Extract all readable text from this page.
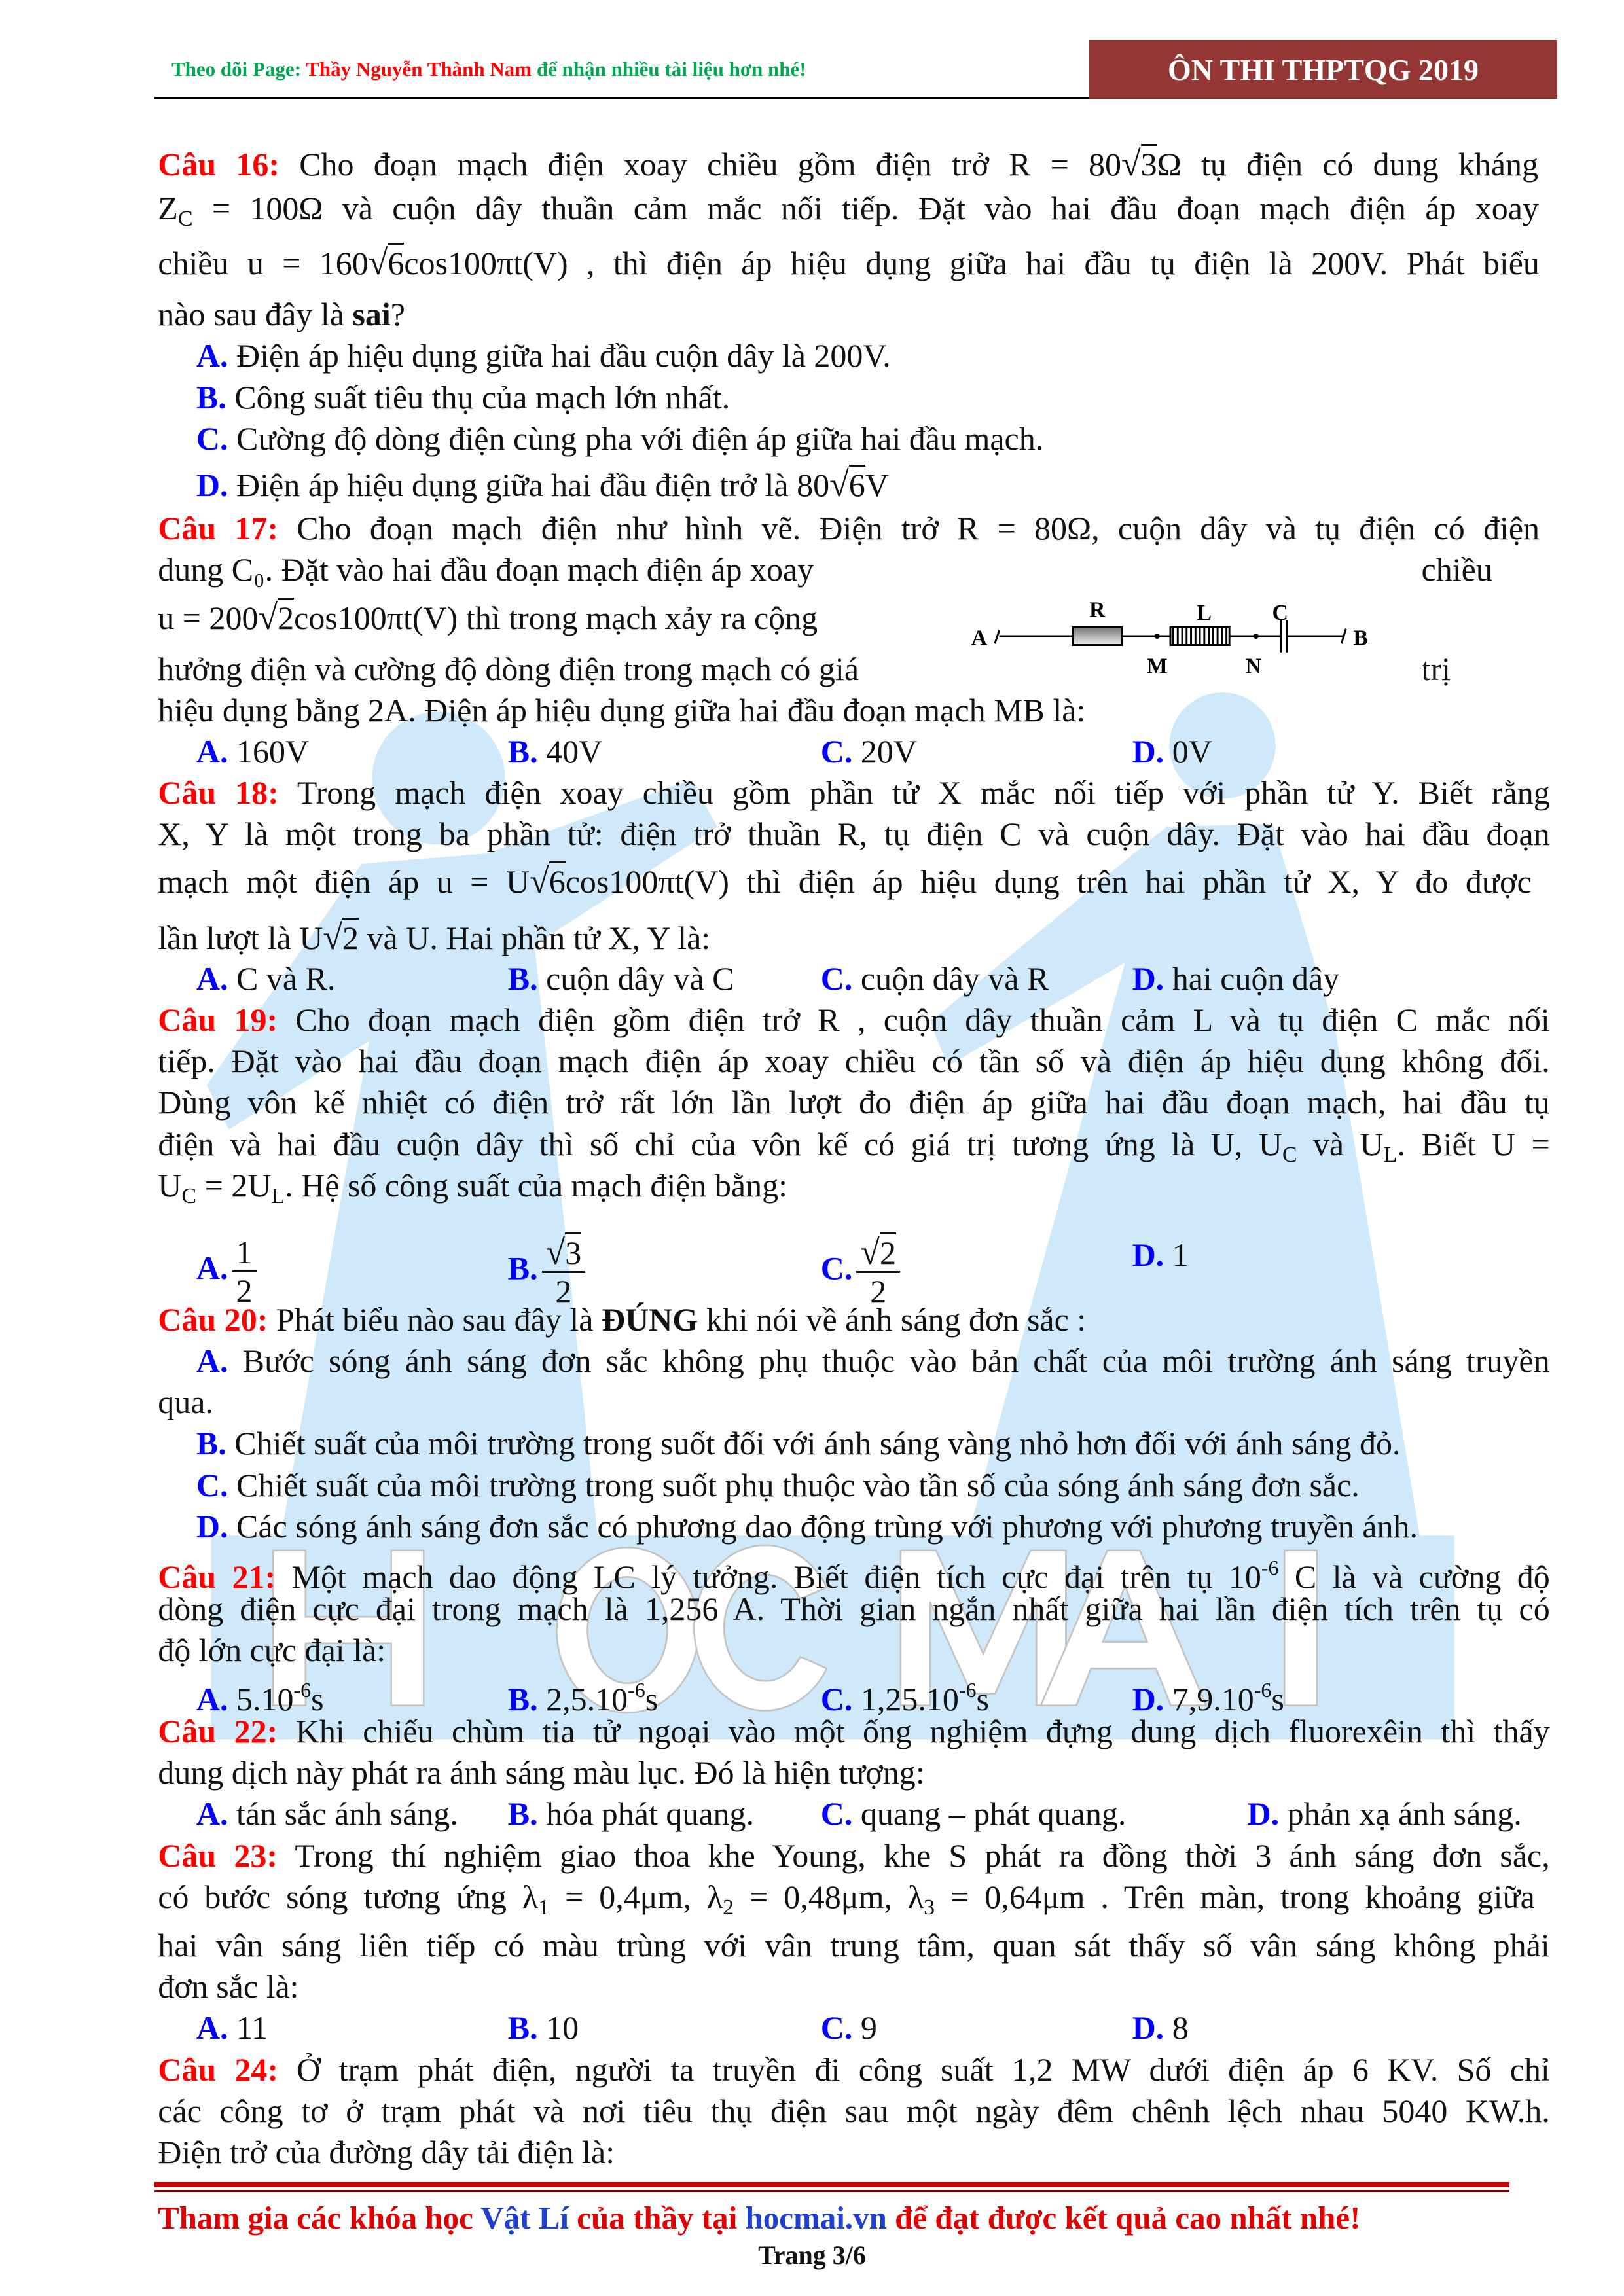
Theo dõi Page: Thầy Nguyễn Thành Nam để nhận nhiều tài liệu hơn nhé!	ÔN THI THPTQG 2019
Câu 16: Cho đoạn mạch điện xoay chiều gồm điện trở R = 80√3Ω tụ điện có dung kháng
$Z_C = 100\Omega$ và cuộn dây thuần cảm mắc nối tiếp. Đặt vào hai đầu đoạn mạch điện áp xoay
chiều u = 160√6cos100πt(V) , thì điện áp hiệu dụng giữa hai đầu tụ điện là 200V. Phát biểu
nào sau đây là sai?
A. Điện áp hiệu dụng giữa hai đầu cuộn dây là 200V.
B. Công suất tiêu thụ của mạch lớn nhất.
C. Cường độ dòng điện cùng pha với điện áp giữa hai đầu mạch.
D. Điện áp hiệu dụng giữa hai đầu điện trở là 80√6V
Câu 17: Cho đoạn mạch điện như hình vẽ. Điện trở R = 80Ω, cuộn dây và tụ điện có điện
dung C₀. Đặt vào hai đầu đoạn mạch điện áp xoay	chiều
u = 200√2cos100πt(V) thì trong mạch xảy ra cộng
hưởng điện và cường độ dòng điện trong mạch có giá	trị
hiệu dụng bằng 2A. Điện áp hiệu dụng giữa hai đầu đoạn mạch MB là:
A. 160V	B. 40V	C. 20V	D. 0V
Câu 18: Trong mạch điện xoay chiều gồm phần tử X mắc nối tiếp với phần tử Y. Biết rằng
X, Y là một trong ba phần tử: điện trở thuần R, tụ điện C và cuộn dây. Đặt vào hai đầu đoạn
mạch một điện áp u = U√6cos100πt(V) thì điện áp hiệu dụng trên hai phần tử X, Y đo được
lần lượt là U√2 và U. Hai phần tử X, Y là:
A. C và R.	B. cuộn dây và C	C. cuộn dây và R	D. hai cuộn dây
Câu 19: Cho đoạn mạch điện gồm điện trở R , cuộn dây thuần cảm L và tụ điện C mắc nối
tiếp. Đặt vào hai đầu đoạn mạch điện áp xoay chiều có tần số và điện áp hiệu dụng không đổi.
Dùng vôn kế nhiệt có điện trở rất lớn lần lượt đo điện áp giữa hai đầu đoạn mạch, hai đầu tụ
điện và hai đầu cuộn dây thì số chỉ của vôn kế có giá trị tương ứng là U, $U_C$ và $U_L$. Biết U =
$U_C = 2U_L$. Hệ số công suất của mạch điện bằng:
A. $\frac{1}{2}$	B. $\frac{√3}{2}$	C. $\frac{√2}{2}$	D. 1
Câu 20: Phát biểu nào sau đây là ĐÚNG khi nói về ánh sáng đơn sắc :
A. Bước sóng ánh sáng đơn sắc không phụ thuộc vào bản chất của môi trường ánh sáng truyền
qua.
B. Chiết suất của môi trường trong suốt đối với ánh sáng vàng nhỏ hơn đối với ánh sáng đỏ.
C. Chiết suất của môi trường trong suốt phụ thuộc vào tần số của sóng ánh sáng đơn sắc.
D. Các sóng ánh sáng đơn sắc có phương dao động trùng với phương với phương truyền ánh.
Câu 21: Một mạch dao động LC lý tưởng. Biết điện tích cực đại trên tụ $10^{-6}$ C là và cường độ
dòng điện cực đại trong mạch là 1,256 A. Thời gian ngắn nhất giữa hai lần điện tích trên tụ có
độ lớn cực đại là:
A. $5.10^{-6}s$	B. $2,5.10^{-6}s$	C. $1,25.10^{-6}s$	D. $7,9.10^{-6}s$
Câu 22: Khi chiếu chùm tia tử ngoại vào một ống nghiệm đựng dung dịch fluorexêin thì thấy
dung dịch này phát ra ánh sáng màu lục. Đó là hiện tượng:
A. tán sắc ánh sáng. B. hóa phát quang. C. quang – phát quang.	D. phản xạ ánh sáng.
Câu 23: Trong thí nghiệm giao thoa khe Young, khe S phát ra đồng thời 3 ánh sáng đơn sắc,
có bước sóng tương ứng $\lambda_1 = 0,4\mu m$, $\lambda_2 = 0,48\mu m$, $\lambda_3 = 0,64\mu m$ . Trên màn, trong khoảng giữa
hai vân sáng liên tiếp có màu trùng với vân trung tâm, quan sát thấy số vân sáng không phải
đơn sắc là:
A. 11	B. 10	C. 9	D. 8
Câu 24: Ở trạm phát điện, người ta truyền đi công suất 1,2 MW dưới điện áp 6 KV. Số chỉ
các công tơ ở trạm phát và nơi tiêu thụ điện sau một ngày đêm chênh lệch nhau 5040 KW.h.
Điện trở của đường dây tải điện là:
A	B
R	L	C
M	N
Tham gia các khóa học Vật Lí của thầy tại hocmai.vn để đạt được kết quả cao nhất nhé!
Trang 3/6
